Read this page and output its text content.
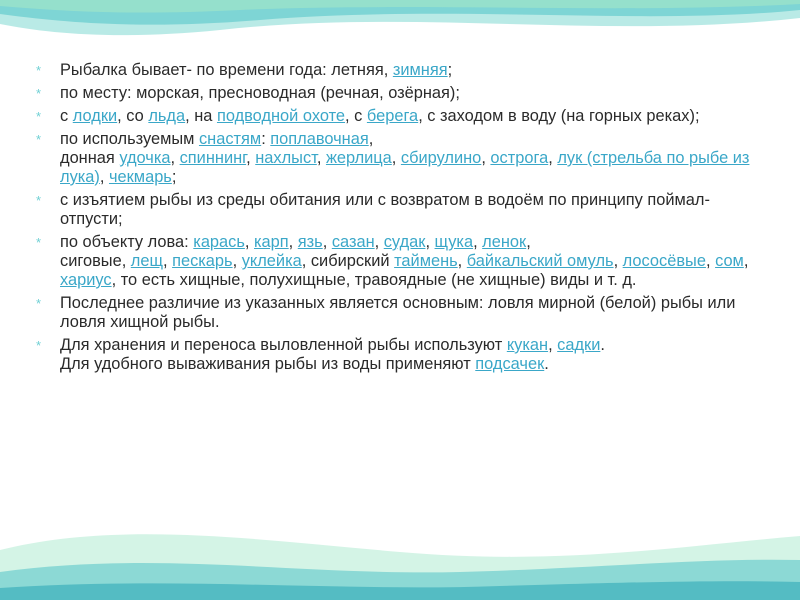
* Рыбалка бывает- по времени года: летняя, зимняя;
* по месту: морская, пресноводная (речная, озёрная);
* с лодки, со льда, на подводной охоте, с берега, с заходом в воду (на горных реках);
* по используемым снастям: поплавочная,
донная удочка, спиннинг, нахлыст, жерлица, сбирулино, острога, лук (стрельба по рыбе из лука), чекмарь;
* с изъятием рыбы из среды обитания или с возвратом в водоём по принципу поймал-отпусти;
* по объекту лова: карась, карп, язь, сазан, судак, щука, ленок,
сиговые, лещ, пескарь, уклейка, сибирский таймень, байкальский омуль, лососёвые, сом, хариус, то есть хищные, полухищные, травоядные (не хищные) виды и т. д.
* Последнее различие из указанных является основным: ловля мирной (белой) рыбы или ловля хищной рыбы.
* Для хранения и переноса выловленной рыбы используют кукан, садки.
Для удобного вываживания рыбы из воды применяют подсачек.
